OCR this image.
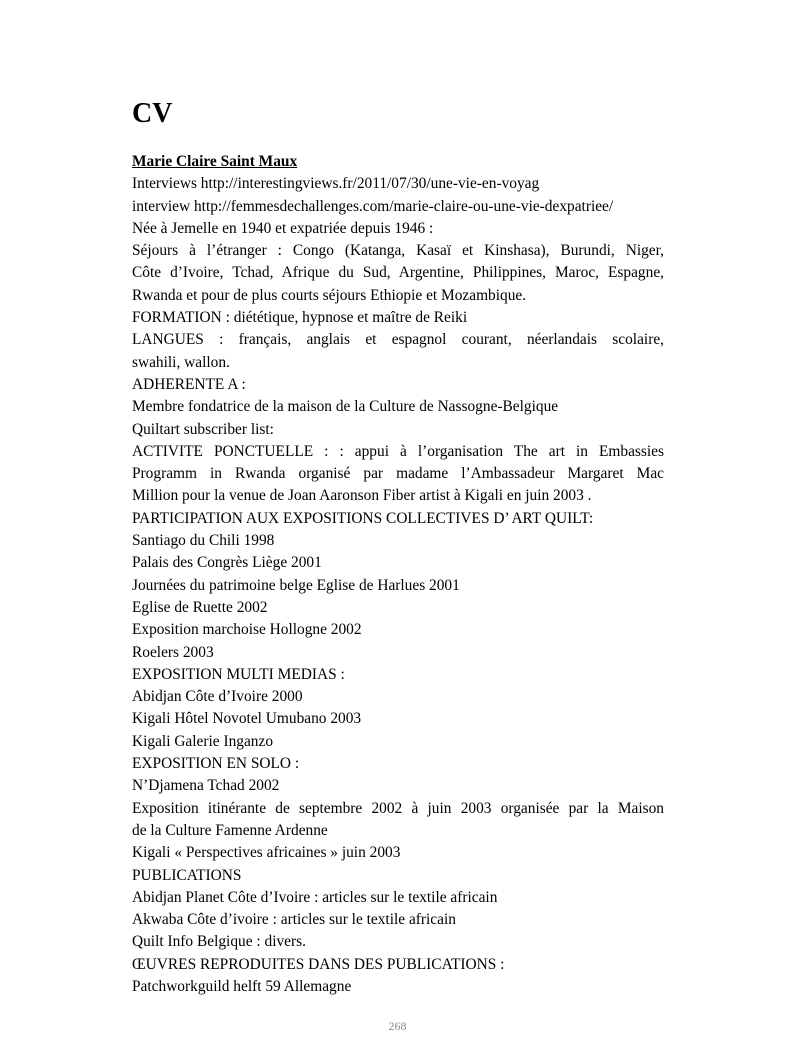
CV
Marie Claire Saint Maux
Interviews http://interestingviews.fr/2011/07/30/une-vie-en-voyag
interview http://femmesdechallenges.com/marie-claire-ou-une-vie-dexpatriee/
Née à Jemelle en 1940 et expatriée depuis 1946 :
Séjours à l’étranger : Congo (Katanga, Kasaï et Kinshasa), Burundi, Niger,
Côte d’Ivoire, Tchad, Afrique du Sud, Argentine, Philippines, Maroc, Espagne,
Rwanda et pour de plus courts séjours Ethiopie et Mozambique.
FORMATION : diététique, hypnose et maître de Reiki
LANGUES : français, anglais et espagnol courant, néerlandais scolaire,
swahili, wallon.
ADHERENTE A :
Membre fondatrice de la maison de la Culture de Nassogne-Belgique
Quiltart subscriber list:
ACTIVITE PONCTUELLE : : appui à l’organisation The art in Embassies
Programm in Rwanda organisé par madame l’Ambassadeur Margaret Mac
Million pour la venue de Joan Aaronson Fiber artist à Kigali en juin 2003 .
PARTICIPATION AUX EXPOSITIONS COLLECTIVES D’ ART QUILT:
Santiago du Chili 1998
Palais des Congrès Liège 2001
Journées du patrimoine belge Eglise de Harlues 2001
Eglise de Ruette 2002
Exposition marchoise Hollogne 2002
Roelers 2003
EXPOSITION MULTI MEDIAS :
Abidjan Côte d’Ivoire 2000
Kigali Hôtel Novotel Umubano 2003
Kigali Galerie Inganzo
EXPOSITION EN SOLO :
N’Djamena Tchad 2002
Exposition itinérante de septembre 2002 à juin 2003 organisée par la Maison
de la Culture Famenne Ardenne
Kigali « Perspectives africaines » juin 2003
PUBLICATIONS
Abidjan Planet Côte d’Ivoire : articles sur le textile africain
Akwaba Côte d’ivoire : articles sur le textile africain
Quilt Info Belgique : divers.
ŒUVRES REPRODUITES DANS DES PUBLICATIONS :
Patchworkguild helft 59 Allemagne
268
